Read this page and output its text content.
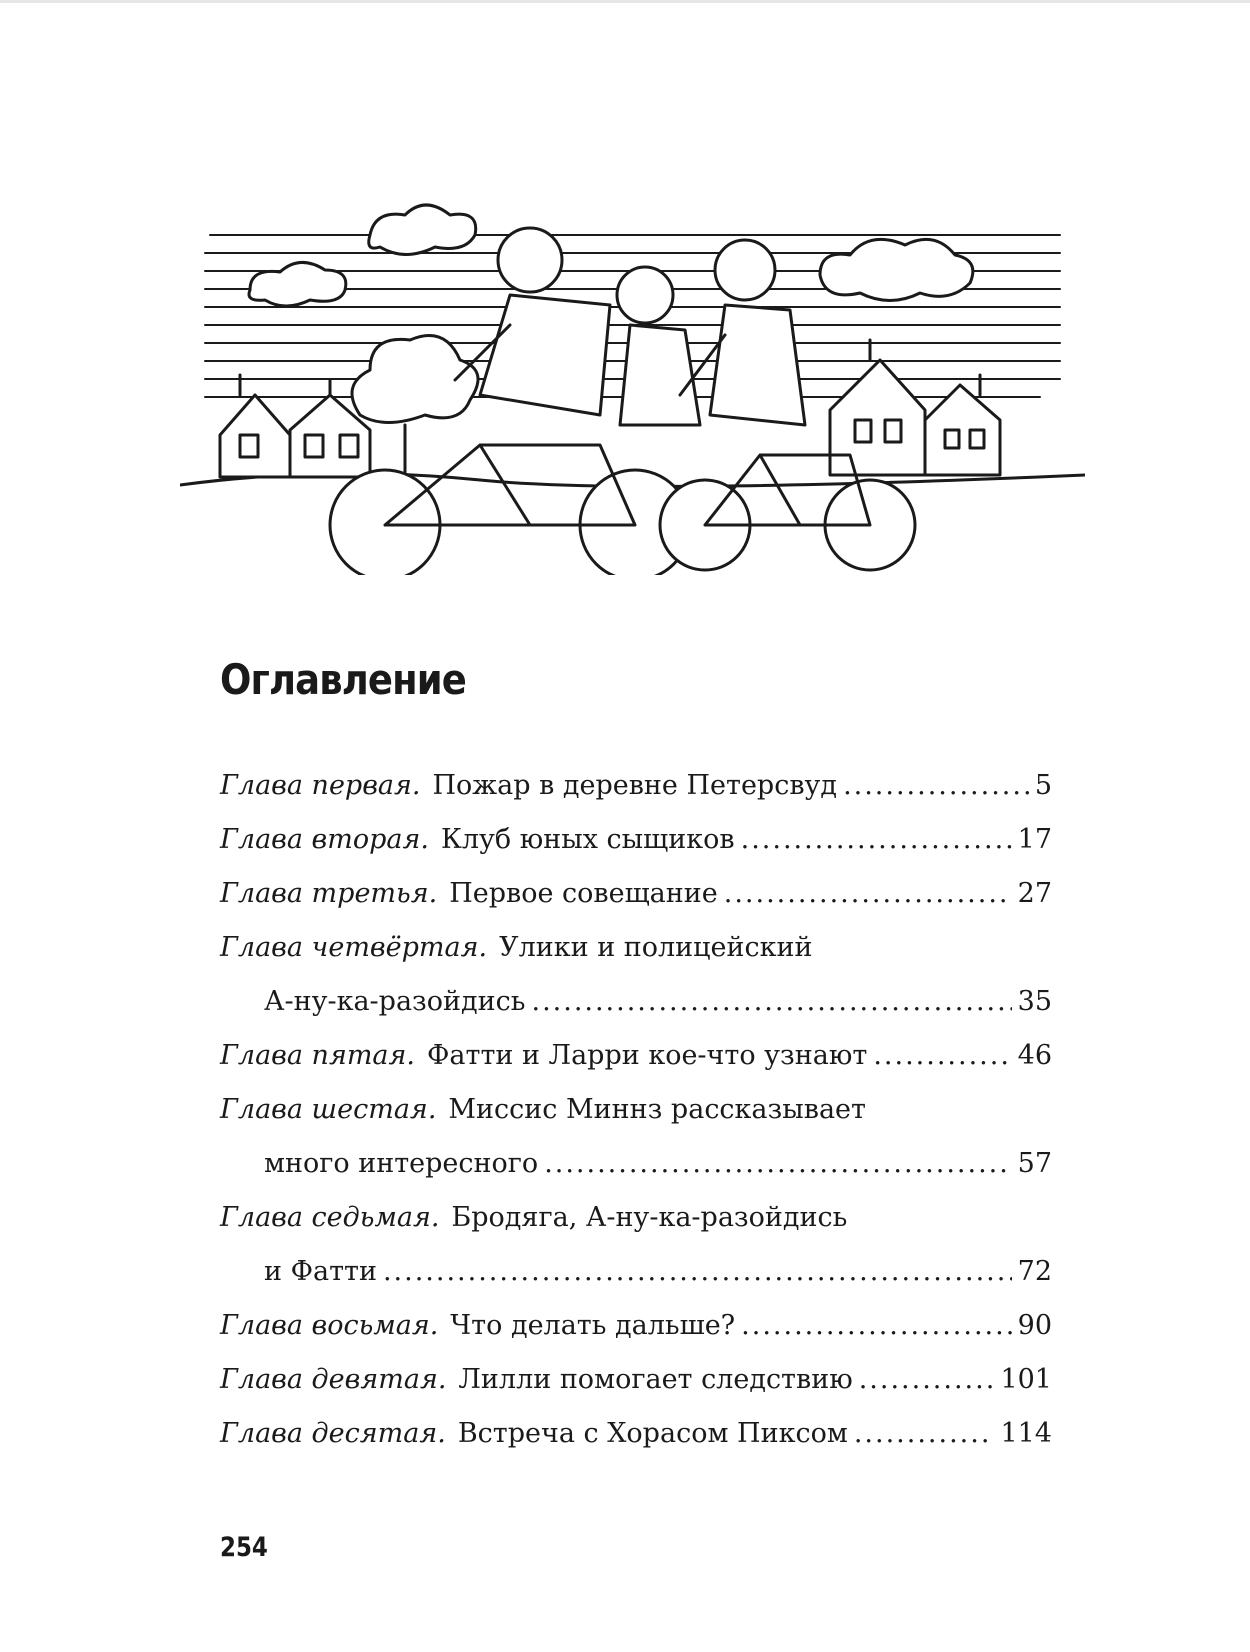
Оглавление
Глава первая. Пожар в деревне Петерсвуд .....	5
Глава вторая. Клуб юных сыщиков .....	17
Глава третья. Первое совещание .....	27
Глава четвёртая. Улики и полицейский
А-ну-ка-разойдись .....	35
Глава пятая. Фатти и Ларри кое-что узнают .....	46
Глава шестая. Миссис Миннз рассказывает
много интересного .....	57
Глава седьмая. Бродяга, А-ну-ка-разойдись
и Фатти .....	72
Глава восьмая. Что делать дальше? .....	90
Глава девятая. Лилли помогает следствию .....	101
Глава десятая. Встреча с Хорасом Пиксом .....	114
254
